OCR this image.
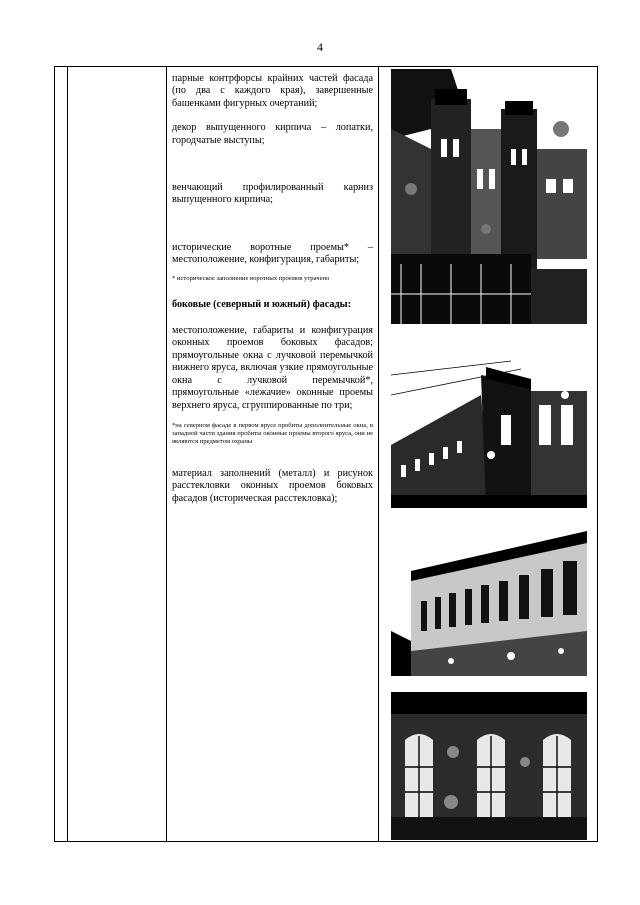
4

парные контрфорсы крайних частей фасада (по два с каждого края), завершенные башенками фигурных очертаний;

декор выпущенного кирпича – лопатки, городчатые выступы;

венчающий профилированный карниз выпущенного кирпича;

исторические воротные проемы* – местоположение, конфигурация, габариты;

* историческое заполнение воротных проемов утрачено

боковые (северный и южный) фасады:

местоположение, габариты и конфигурация оконных проемов боковых фасадов; прямоугольные окна с лучковой перемычкой нижнего яруса, включая узкие прямоугольные окна с лучковой перемычкой*, прямоугольные «лежачие» оконные проемы верхнего яруса, сгруппированные по три;

*на северном фасаде в первом ярусе пробиты дополнительные окна, в западной части здания пробиты оконные проемы второго яруса, они не являются предметом охраны

материал заполнений (металл) и рисунок расстекловки оконных проемов боковых фасадов (историческая расстекловка);
